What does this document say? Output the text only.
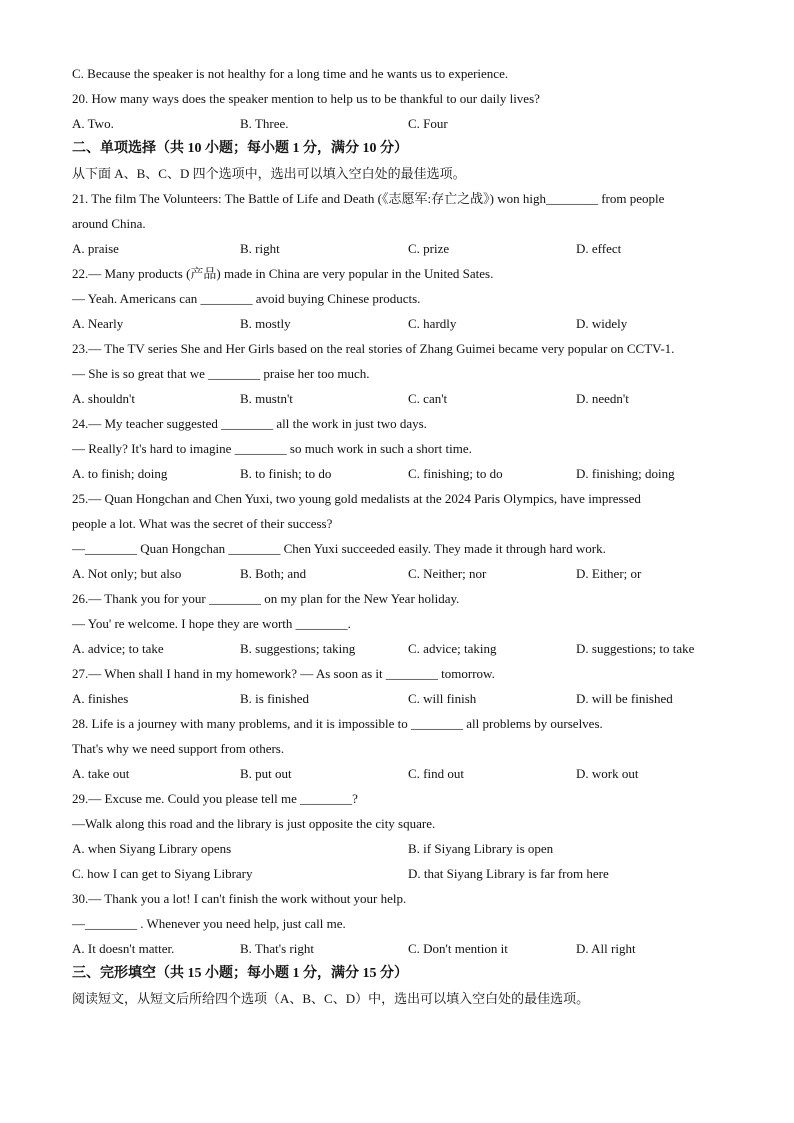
C. Because the speaker is not healthy for a long time and he wants us to experience.
20. How many ways does the speaker mention to help us to be thankful to our daily lives?
A. Two.	B. Three.	C. Four
二、单项选择（共 10 小题；每小题 1 分，满分 10 分）
从下面 A、B、C、D 四个选项中，选出可以填入空白处的最佳选项。
21. The film The Volunteers: The Battle of Life and Death (《志愿军:存亡之战》) won high________ from people
around China.
A. praise	B. right	C. prize	D. effect
22.— Many products (产品) made in China are very popular in the United Sates.
— Yeah. Americans can ________ avoid buying Chinese products.
A. Nearly	B. mostly	C. hardly	D. widely
23.— The TV series She and Her Girls based on the real stories of Zhang Guimei became very popular on CCTV-1.
— She is so great that we ________ praise her too much.
A. shouldn't	B. mustn't	C. can't	D. needn't
24.— My teacher suggested ________ all the work in just two days.
— Really? It's hard to imagine ________ so much work in such a short time.
A. to finish; doing	B. to finish; to do	C. finishing; to do	D. finishing; doing
25.— Quan Hongchan and Chen Yuxi, two young gold medalists at the 2024 Paris Olympics, have impressed
people a lot. What was the secret of their success?
—________ Quan Hongchan ________ Chen Yuxi succeeded easily. They made it through hard work.
A. Not only; but also	B. Both; and	C. Neither; nor	D. Either; or
26.— Thank you for your ________ on my plan for the New Year holiday.
— You' re welcome. I hope they are worth ________.
A. advice; to take	B. suggestions; taking	C. advice; taking	D. suggestions; to take
27.— When shall I hand in my homework? — As soon as it ________ tomorrow.
A. finishes	B. is finished	C. will finish	D. will be finished
28. Life is a journey with many problems, and it is impossible to ________ all problems by ourselves.
That's why we need support from others.
A. take out	B. put out	C. find out	D. work out
29.— Excuse me. Could you please tell me ________?
—Walk along this road and the library is just opposite the city square.
A. when Siyang Library opens	B. if Siyang Library is open
C. how I can get to Siyang Library	D. that Siyang Library is far from here
30.— Thank you a lot! I can't finish the work without your help.
—________ . Whenever you need help, just call me.
A. It doesn't matter.	B. That's right	C. Don't mention it	D. All right
三、完形填空（共 15 小题；每小题 1 分，满分 15 分）
阅读短文，从短文后所给四个选项（A、B、C、D）中，选出可以填入空白处的最佳选项。
